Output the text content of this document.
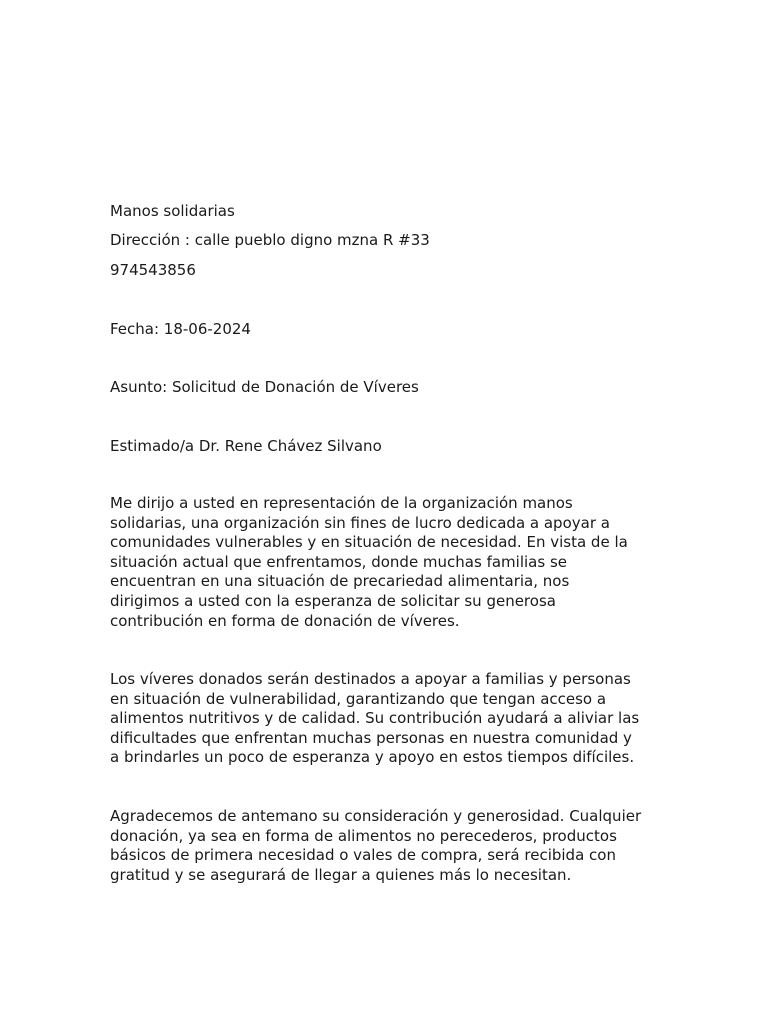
Manos solidarias
Dirección : calle pueblo digno mzna R #33
974543856
Fecha: 18-06-2024
Asunto: Solicitud de Donación de Víveres
Estimado/a Dr. Rene Chávez Silvano
Me dirijo a usted en representación de la organización manos
solidarias, una organización sin fines de lucro dedicada a apoyar a
comunidades vulnerables y en situación de necesidad. En vista de la
situación actual que enfrentamos, donde muchas familias se
encuentran en una situación de precariedad alimentaria, nos
dirigimos a usted con la esperanza de solicitar su generosa
contribución en forma de donación de víveres.
Los víveres donados serán destinados a apoyar a familias y personas
en situación de vulnerabilidad, garantizando que tengan acceso a
alimentos nutritivos y de calidad. Su contribución ayudará a aliviar las
dificultades que enfrentan muchas personas en nuestra comunidad y
a brindarles un poco de esperanza y apoyo en estos tiempos difíciles.
Agradecemos de antemano su consideración y generosidad. Cualquier
donación, ya sea en forma de alimentos no perecederos, productos
básicos de primera necesidad o vales de compra, será recibida con
gratitud y se asegurará de llegar a quienes más lo necesitan.
